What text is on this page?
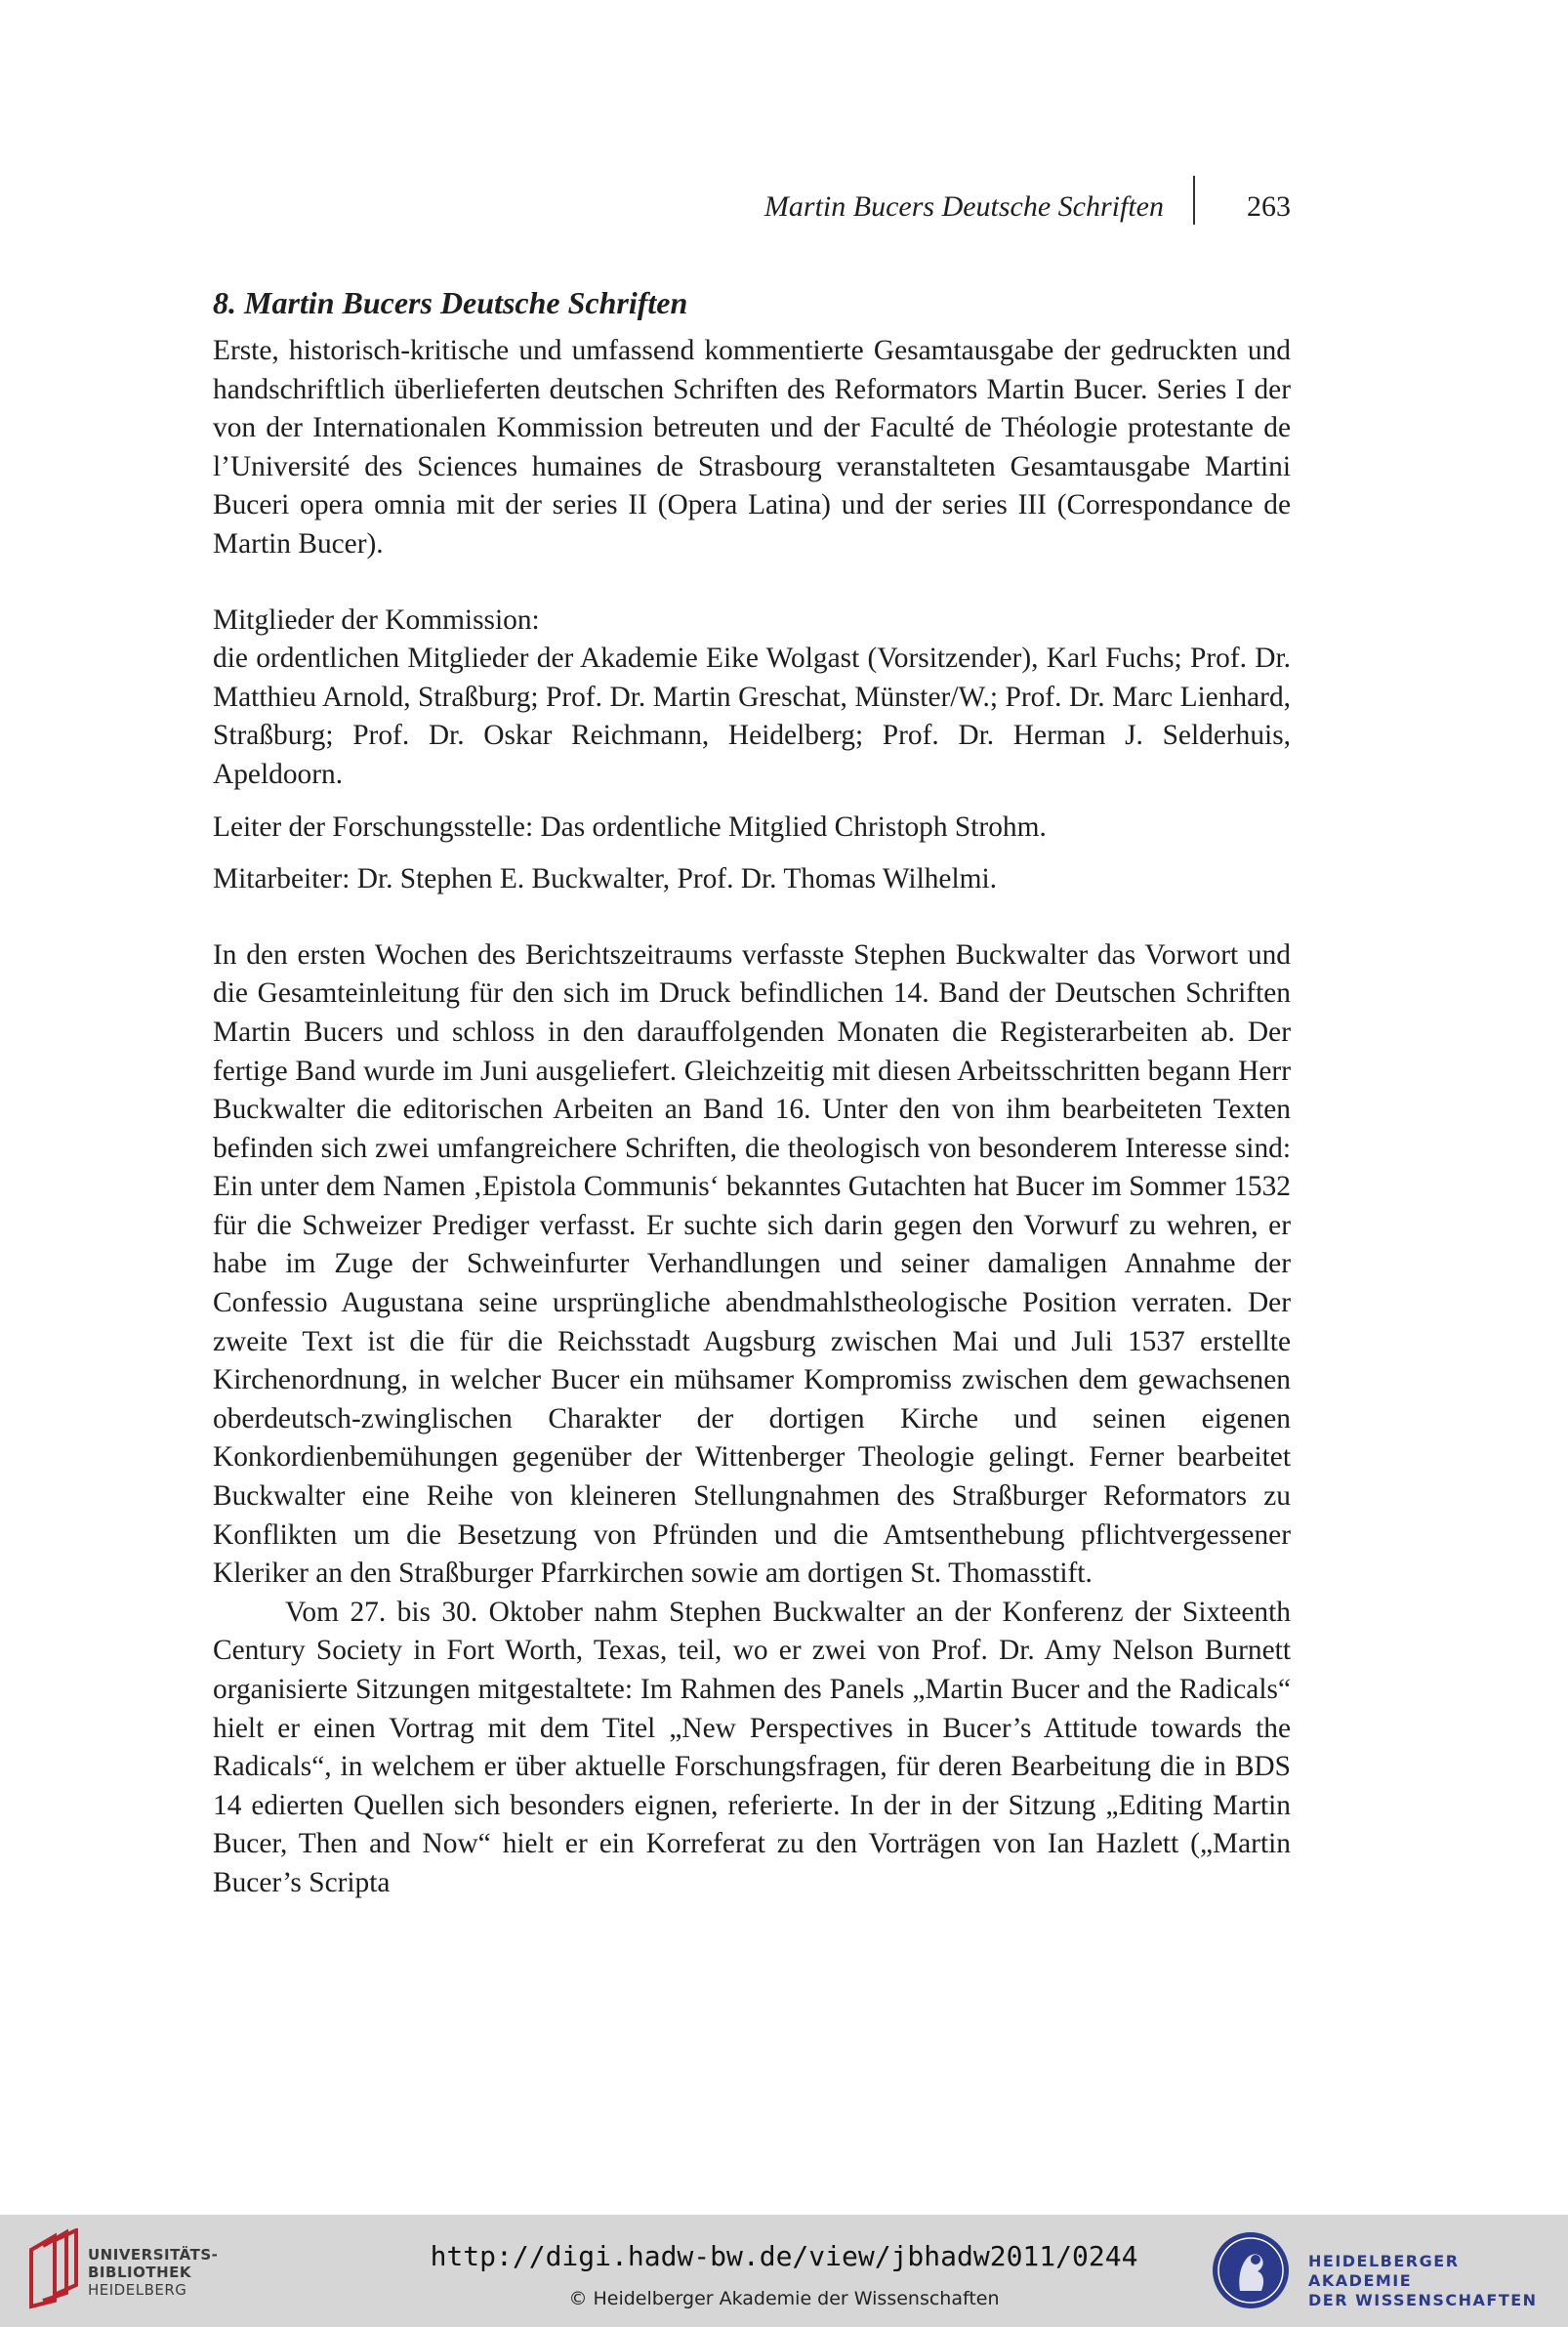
Martin Bucers Deutsche Schriften	263
8. Martin Bucers Deutsche Schriften

Erste, historisch-kritische und umfassend kommentierte Gesamtausgabe der gedruckten und handschriftlich überlieferten deutschen Schriften des Reformators Martin Bucer. Series I der von der Internationalen Kommission betreuten und der Faculté de Théologie protestante de l’Université des Sciences humaines de Strasbourg veranstalteten Gesamtausgabe Martini Buceri opera omnia mit der series II (Opera Latina) und der series III (Correspondance de Martin Bucer).

Mitglieder der Kommission:

die ordentlichen Mitglieder der Akademie Eike Wolgast (Vorsitzender), Karl Fuchs; Prof. Dr. Matthieu Arnold, Straßburg; Prof. Dr. Martin Greschat, Münster/W.; Prof. Dr. Marc Lienhard, Straßburg; Prof. Dr. Oskar Reichmann, Heidelberg; Prof. Dr. Herman J. Selderhuis, Apeldoorn.

Leiter der Forschungsstelle: Das ordentliche Mitglied Christoph Strohm.

Mitarbeiter: Dr. Stephen E. Buckwalter, Prof. Dr. Thomas Wilhelmi.

In den ersten Wochen des Berichtszeitraums verfasste Stephen Buckwalter das Vorwort und die Gesamteinleitung für den sich im Druck befindlichen 14. Band der Deutschen Schriften Martin Bucers und schloss in den darauffolgenden Monaten die Registerarbeiten ab. Der fertige Band wurde im Juni ausgeliefert. Gleichzeitig mit diesen Arbeitsschritten begann Herr Buckwalter die editorischen Arbeiten an Band 16. Unter den von ihm bearbeiteten Texten befinden sich zwei umfangreichere Schriften, die theologisch von besonderem Interesse sind: Ein unter dem Namen ‚Epistola Communis‘ bekanntes Gutachten hat Bucer im Sommer 1532 für die Schweizer Prediger verfasst. Er suchte sich darin gegen den Vorwurf zu wehren, er habe im Zuge der Schweinfurter Verhandlungen und seiner damaligen Annahme der Confessio Augustana seine ursprüngliche abendmahlstheologische Position verraten. Der zweite Text ist die für die Reichsstadt Augsburg zwischen Mai und Juli 1537 erstellte Kirchenordnung, in welcher Bucer ein mühsamer Kompromiss zwischen dem gewachsenen oberdeutsch-zwinglischen Charakter der dortigen Kirche und seinen eigenen Konkordienbemühungen gegenüber der Wittenberger Theologie gelingt. Ferner bearbeitet Buckwalter eine Reihe von kleineren Stellungnahmen des Straßburger Reformators zu Konflikten um die Besetzung von Pfründen und die Amtsenthebung pflichtvergessener Kleriker an den Straßburger Pfarrkirchen sowie am dortigen St. Thomasstift.

Vom 27. bis 30. Oktober nahm Stephen Buckwalter an der Konferenz der Sixteenth Century Society in Fort Worth, Texas, teil, wo er zwei von Prof. Dr. Amy Nelson Burnett organisierte Sitzungen mitgestaltete: Im Rahmen des Panels „Martin Bucer and the Radicals“ hielt er einen Vortrag mit dem Titel „New Perspectives in Bucer’s Attitude towards the Radicals“, in welchem er über aktuelle Forschungsfragen, für deren Bearbeitung die in BDS 14 edierten Quellen sich besonders eignen, referierte. In der in der Sitzung „Editing Martin Bucer, Then and Now“ hielt er ein Korreferat zu den Vorträgen von Ian Hazlett („Martin Bucer’s Scripta

UNIVERSITÄTS-
BIBLIOTHEK
HEIDELBERG
http://digi.hadw-bw.de/view/jbhadw2011/0244
© Heidelberger Akademie der Wissenschaften
HEIDELBERGER AKADEMIE
DER WISSENSCHAFTEN
